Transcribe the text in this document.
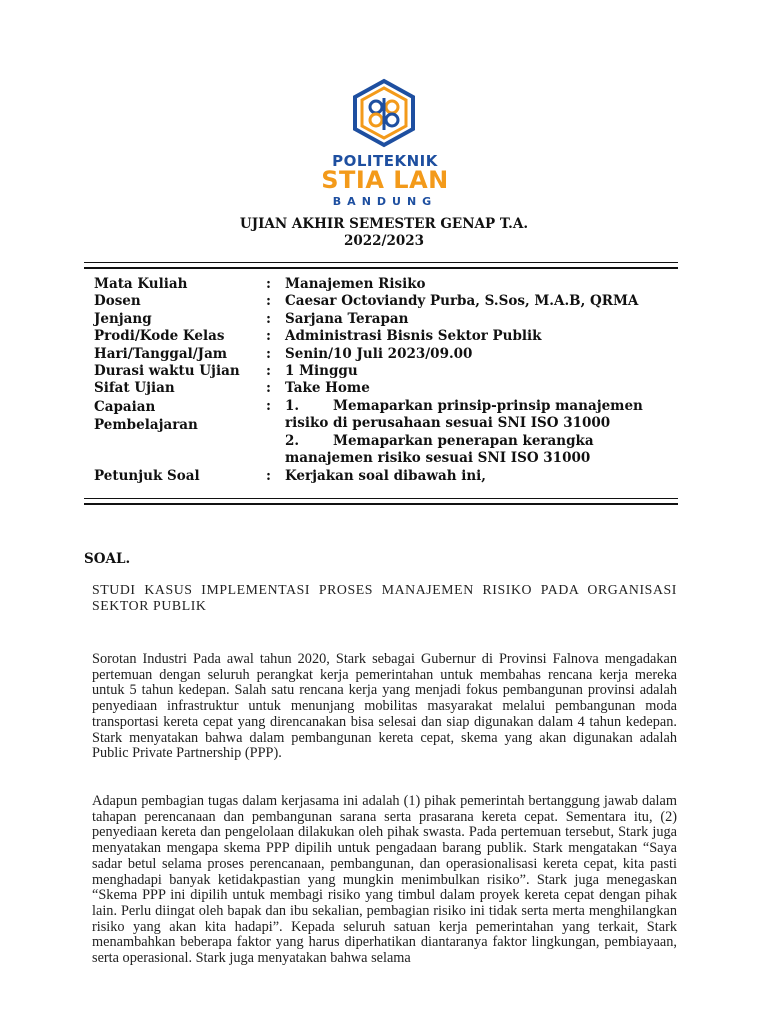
POLITEKNIK
STIA LAN
BANDUNG
UJIAN AKHIR SEMESTER GENAP T.A.
2022/2023
Mata Kuliah	: Manajemen Risiko
Dosen	: Caesar Octoviandy Purba, S.Sos, M.A.B, QRMA
Jenjang	: Sarjana Terapan
Prodi/Kode Kelas	: Administrasi Bisnis Sektor Publik
Hari/Tanggal/Jam	: Senin/10 Juli 2023/09.00
Durasi waktu Ujian : 1 Minggu
Sifat Ujian	: Take Home
Capaian
Pembelajaran
: 1.	Memaparkan prinsip-prinsip manajemen risiko di perusahaan sesuai SNI ISO 31000
2.	Memaparkan penerapan kerangka manajemen risiko sesuai SNI ISO 31000
Petunjuk Soal	: Kerjakan soal dibawah ini,
SOAL.
STUDI KASUS IMPLEMENTASI PROSES MANAJEMEN RISIKO PADA ORGANISASI SEKTOR PUBLIK
Sorotan Industri Pada awal tahun 2020, Stark sebagai Gubernur di Provinsi Falnova mengadakan pertemuan dengan seluruh perangkat kerja pemerintahan untuk membahas rencana kerja mereka untuk 5 tahun kedepan. Salah satu rencana kerja yang menjadi fokus pembangunan provinsi adalah penyediaan infrastruktur untuk menunjang mobilitas masyarakat melalui pembangunan moda transportasi kereta cepat yang direncanakan bisa selesai dan siap digunakan dalam 4 tahun kedepan. Stark menyatakan bahwa dalam pembangunan kereta cepat, skema yang akan digunakan adalah Public Private Partnership (PPP).
Adapun pembagian tugas dalam kerjasama ini adalah (1) pihak pemerintah bertanggung jawab dalam tahapan perencanaan dan pembangunan sarana serta prasarana kereta cepat. Sementara itu, (2) penyediaan kereta dan pengelolaan dilakukan oleh pihak swasta. Pada pertemuan tersebut, Stark juga menyatakan mengapa skema PPP dipilih untuk pengadaan barang publik. Stark mengatakan “Saya sadar betul selama proses perencanaan, pembangunan, dan operasionalisasi kereta cepat, kita pasti menghadapi banyak ketidakpastian yang mungkin menimbulkan risiko”. Stark juga menegaskan “Skema PPP ini dipilih untuk membagi risiko yang timbul dalam proyek kereta cepat dengan pihak lain. Perlu diingat oleh bapak dan ibu sekalian, pembagian risiko ini tidak serta merta menghilangkan risiko yang akan kita hadapi”. Kepada seluruh satuan kerja pemerintahan yang terkait, Stark menambahkan beberapa faktor yang harus diperhatikan diantaranya faktor lingkungan, pembiayaan, serta operasional. Stark juga menyatakan bahwa selama
